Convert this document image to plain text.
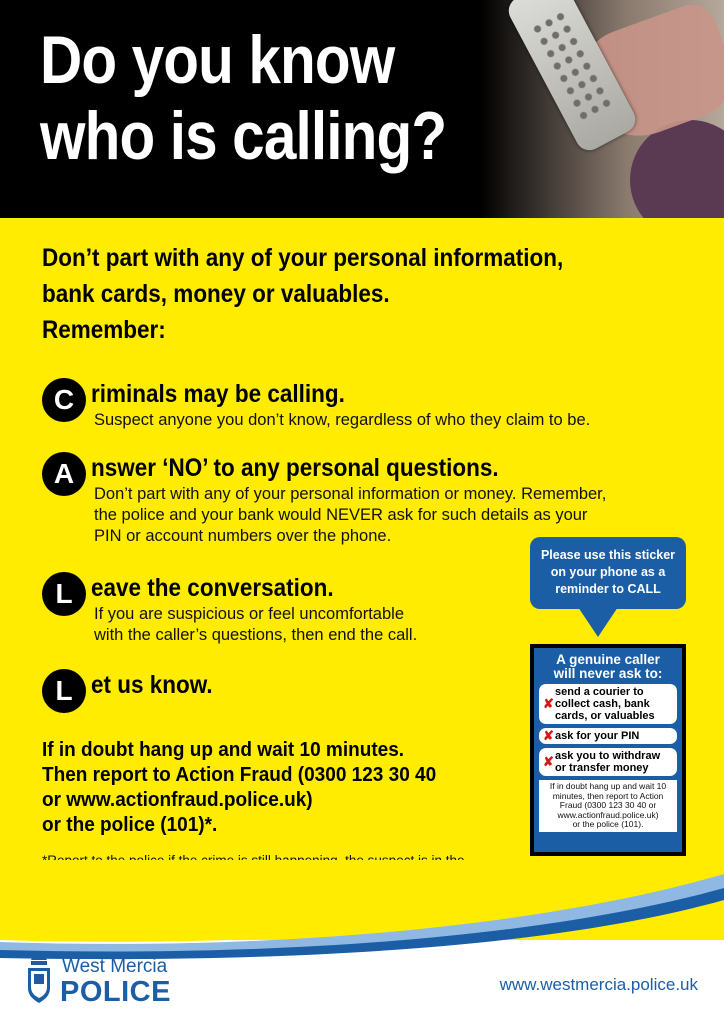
Do you know
who is calling?
Don’t part with any of your personal information,
bank cards, money or valuables.
Remember:
C riminals may be calling.
Suspect anyone you don’t know, regardless of who they claim to be.
A nswer ‘NO’ to any personal questions.
Don’t part with any of your personal information or money. Remember,
the police and your bank would NEVER ask for such details as your
PIN or account numbers over the phone.
L eave the conversation.
If you are suspicious or feel uncomfortable
with the caller’s questions, then end the call.
L et us know.
If in doubt hang up and wait 10 minutes.
Then report to Action Fraud (0300 123 30 40
or www.actionfraud.police.uk)
or the police (101)*.
Please use this sticker
on your phone as a
reminder to CALL
A genuine caller
will never ask to:
✘
send a courier to
collect cash, bank
cards, or valuables
✘ ask for your PIN
✘ ask you to withdraw
or transfer money
If in doubt hang up and wait 10
minutes, then report to Action
Fraud (0300 123 30 40 or
www.actionfraud.police.uk)
or the police (101).
West Mercia
POLICE	www.westmercia.police.uk
